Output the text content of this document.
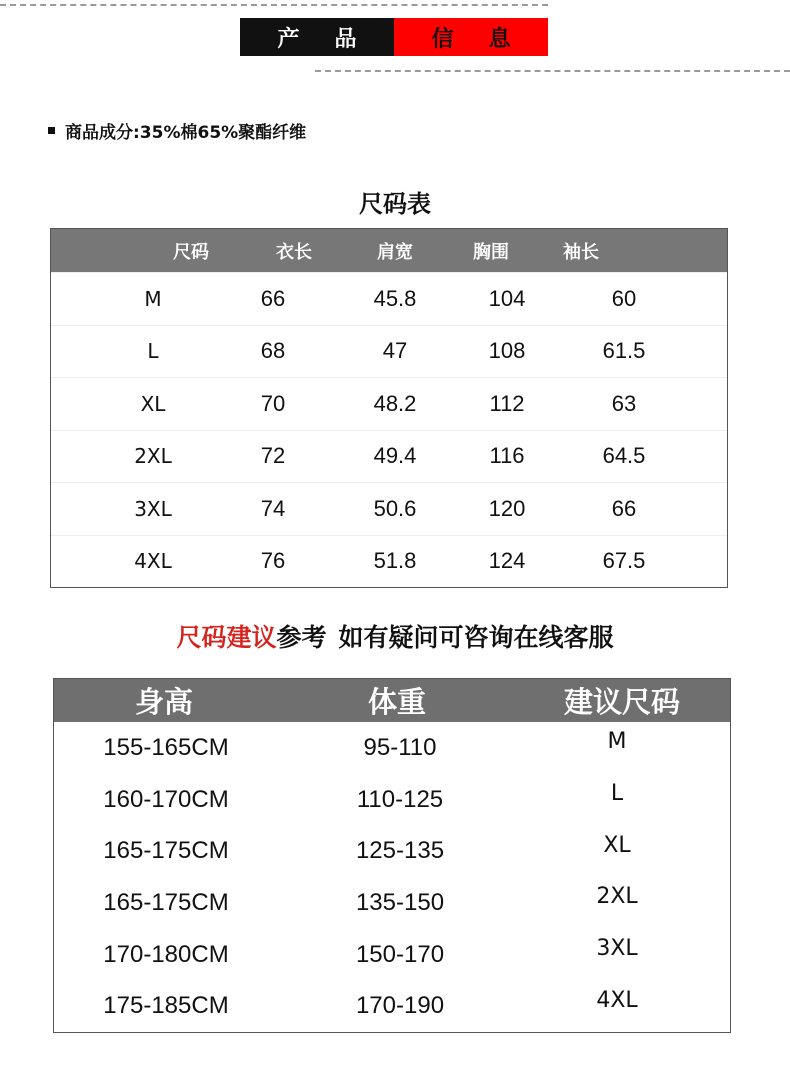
产 品	信 息
商品成分:35%棉65%聚酯纤维
尺码表
尺码	衣长	肩宽	胸围	袖长
M	66	45.8	104	60
L	68	47	108	61.5
XL	70	48.2	112	63
2XL	72	49.4	116	64.5
3XL	74	50.6	120	66
4XL	76	51.8	124	67.5
尺码建议参考 如有疑问可咨询在线客服
身高	体重	建议尺码
155-165CM	95-110	M
160-170CM	110-125	L
165-175CM	125-135	XL
165-175CM	135-150	2XL
170-180CM	150-170	3XL
175-185CM	170-190	4XL
